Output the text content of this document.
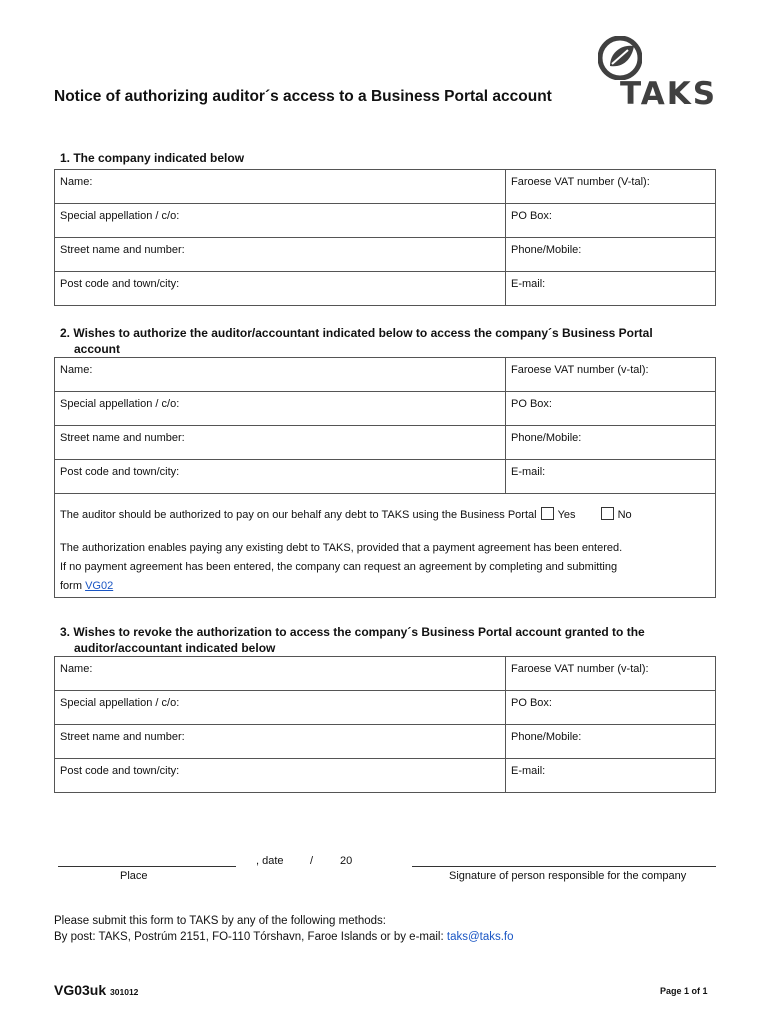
Notice of authorizing auditor´s access to a Business Portal account TAKS
1. The company indicated below
Name:	Faroese VAT number (V-tal):
Special appellation / c/o:	PO Box:
Street name and number:	Phone/Mobile:
Post code and town/city:	E-mail:
2. Wishes to authorize the auditor/accountant indicated below to access the company´s Business Portal
account
Name:	Faroese VAT number (v-tal):
Special appellation / c/o:	PO Box:
Street name and number:	Phone/Mobile:
Post code and town/city:	E-mail:

The auditor should be authorized to pay on our behalf any debt to TAKS using the Business Portal Yes	No

The authorization enables paying any existing debt to TAKS, provided that a payment agreement has been entered.

If no payment agreement has been entered, the company can request an agreement by completing and submitting

form VG02

3. Wishes to revoke the authorization to access the company´s Business Portal account granted to the
auditor/accountant indicated below
Name:	Faroese VAT number (v-tal):
Special appellation / c/o:	PO Box:
Street name and number:	Phone/Mobile:
Post code and town/city:	E-mail:
, date / 20
Place	Signature of person responsible for the company
Please submit this form to TAKS by any of the following methods:
By post: TAKS, Postrúm 2151, FO-110 Tórshavn, Faroe Islands or by e-mail: taks@taks.fo
VG03uk 301012	Page 1 of 1
